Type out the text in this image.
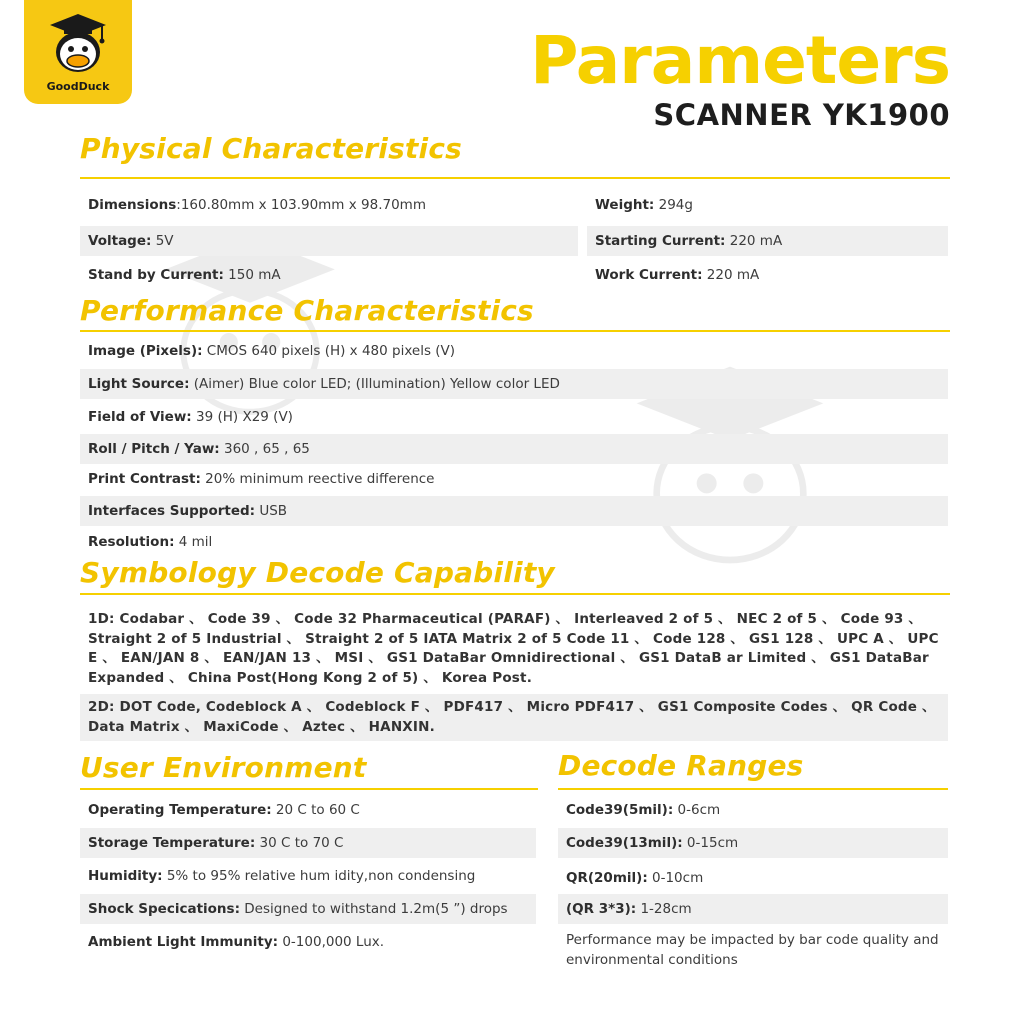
GoodDuck	Parameters
SCANNER YK1900
Physical Characteristics
Dimensions:160.80mm x 103.90mm x 98.70mm	Weight: 294g
Voltage: 5V	Starting Current: 220 mA
Stand by Current: 150 mA	Work Current: 220 mA
Performance Characteristics
Image (Pixels): CMOS 640 pixels (H) x 480 pixels (V)
Light Source: (Aimer) Blue color LED; (Illumination) Yellow color LED
Field of View: 39 (H) X29 (V)
Roll / Pitch / Yaw: 360 , 65 , 65
Print Contrast: 20% minimum reective difference
Interfaces Supported: USB
Resolution: 4 mil
Symbology Decode Capability
1D: Codabar 、 Code 39 、 Code 32 Pharmaceutical (PARAF) 、 Interleaved 2 of 5 、 NEC 2 of 5 、 Code 93 、 Straight 2 of 5 Industrial 、 Straight 2 of 5 IATA Matrix 2 of 5 Code 11 、 Code 128 、 GS1 128 、 UPC A 、 UPC E 、 EAN/JAN 8 、 EAN/JAN 13 、 MSI 、 GS1 DataBar Omnidirectional 、 GS1 DataB ar Limited 、 GS1 DataBar Expanded 、 China Post(Hong Kong 2 of 5) 、 Korea Post.
2D: DOT Code, Codeblock A 、 Codeblock F 、 PDF417 、 Micro PDF417 、 GS1 Composite Codes 、 QR Code 、 Data Matrix 、 MaxiCode 、 Aztec 、 HANXIN.
User Environment
Operating Temperature: 20 C to 60 C
Storage Temperature: 30 C to 70 C
Humidity: 5% to 95% relative hum idity,non condensing
Shock Specications: Designed to withstand 1.2m(5 ”) drops
Ambient Light Immunity: 0-100,000 Lux.
Decode Ranges
Code39(5mil): 0-6cm
Code39(13mil): 0-15cm
QR(20mil): 0-10cm
(QR 3*3): 1-28cm
Performance may be impacted by bar code quality and environmental conditions
